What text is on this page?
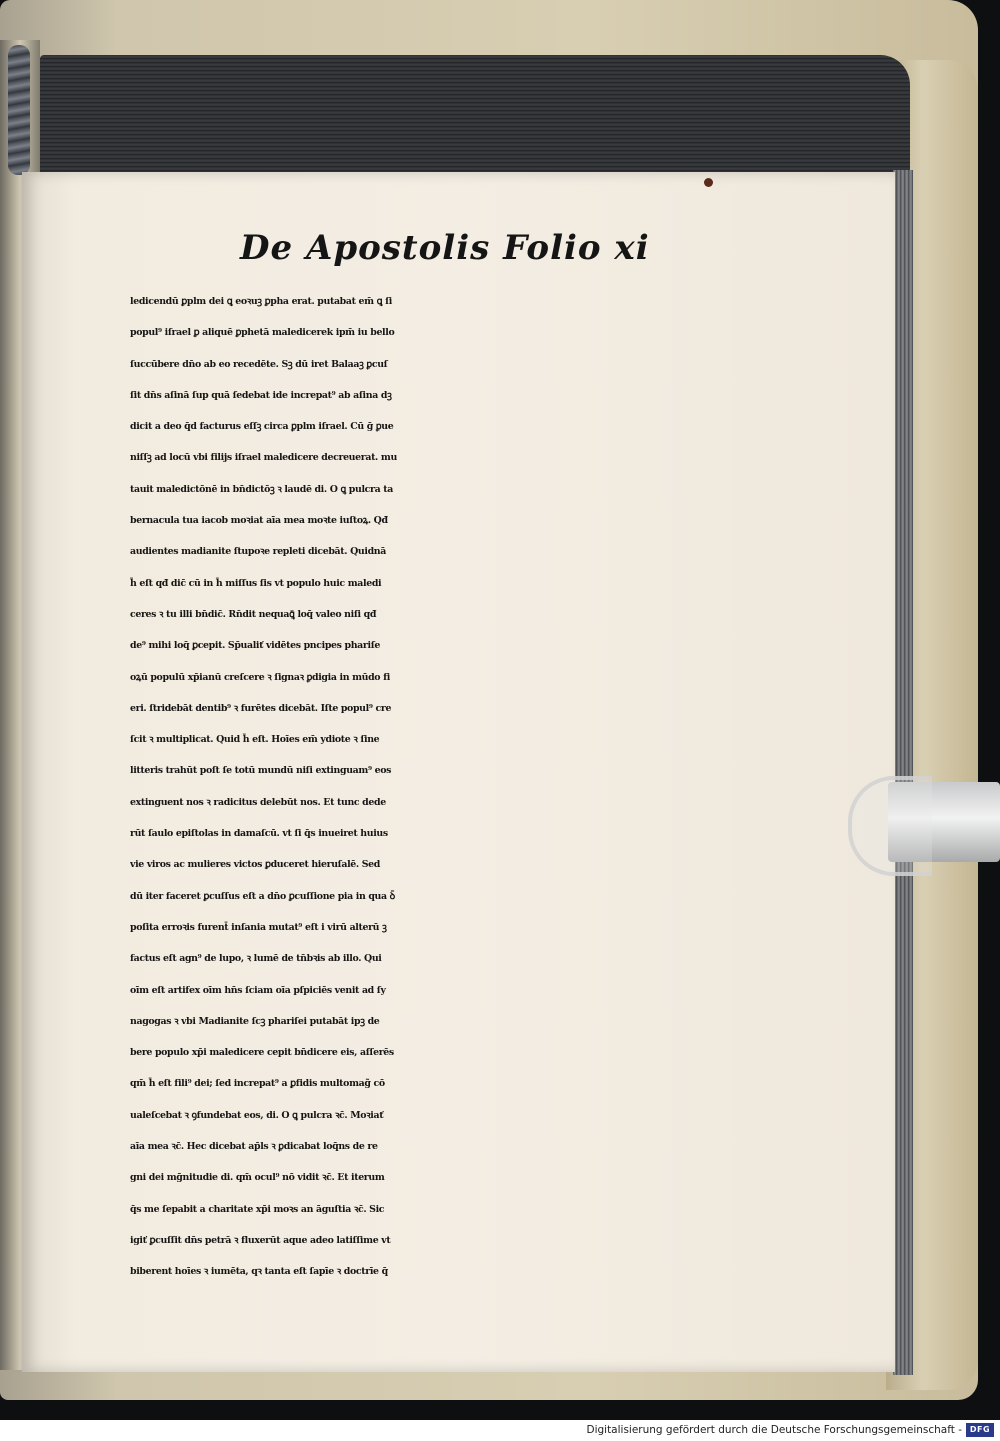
De Apostolis Folio xi
ledicendū ꝑplm dei ꝗ eoꝛuꝫ ꝑpha erat. putabat em̄ ꝗ ſi
popul⁹ iſrael ꝑ aliquē ꝑphetā maledicerek ipm̄ iu bello
ſuccūbere dn̄o ab eo recedēte. Sꝫ dū iret Balaaꝫ ꝑcuſ
ſit dn̄s aſinā ſup quā ſedebat ide increpat⁹ ab aſina dꝫ
dicit a deo q̄d facturus eſſꝫ circa ꝑplm iſrael. Cū ḡ ꝑue
niſſꝫ ad locū vbi filijs iſrael maledicere decreuerat. mu
tauit maledictōnē in bn̄dictōꝫ ꝛ laudē di. O ꝗ pulcra ta
bernacula tua iacob moꝛiat aīa mea moꝛte iuſtoꝝ. Qđ
audientes madianite ſtupoꝛe repleti dicebāt. Quidnā
h̄ eſt qđ dic̄ cū in h̄ miſſus ſis vt populo huic maledi
ceres ꝛ tu illi bn̄dic̄. Rn̄dit nequaꝗ̄ loq̄ valeo niſi qđ
de⁹ mihi loq̄ ꝑcepit. Sp̄ualiť vidētes pncipes phariſe
oꝝū populū xp̄ianū creſcere ꝛ ſignaꝛ ꝑdigia in mūdo fi
eri. ſtridebāt dentib⁹ ꝛ furētes dicebāt. Iſte popul⁹ cre
ſcit ꝛ multiplicat. Quid h̄ eſt. Hoīes em̄ ydiote ꝛ ſine
litteris trahūt poſt ſe totū mundū niſi extinguam⁹ eos
extinguent nos ꝛ radicitus delebūt nos. Et tunc dede
rūt ſaulo epiſtolas in damaſcū. vt ſi q̄s inueiret huius
vie viros ac mulieres victos ꝑduceret hieruſalē. Sed
dū iter faceret ꝑcuſſus eſt a dn̄o ꝑcuſſione pia in qua ꝺ̄
poſita erroꝛis furent̄ inſania mutat⁹ eſt i virū alterū ꝫ
factus eſt agn⁹ de lupo, ꝛ lumē de tn̄bꝛis ab illo. Qui
oīm eſt artifex oīm hn̄s ſciam oīa pſpiciēs venit ad ſy
nagogas ꝛ vbi Madianite ſcꝫ phariſei putabāt ipꝫ de
bere populo xp̄i maledicere cepit bn̄dicere eis, aſſerēs
qm̄ h̄ eſt fili⁹ dei; ſed increpat⁹ a ꝑfidis multomag̃ cō
ualeſcebat ꝛ ꝯfundebat eos, di. O ꝗ pulcra ꝛc̄. Moꝛiať
aīa mea ꝛc̄. Hec dicebat ap̄ls ꝛ ꝑdicabat loq̄ns de re
gni dei mḡnitudie di. qm̄ ocul⁹ nō vidit ꝛc̄. Et iterum
q̄s me ſepabit a charitate xp̄i moꝛs an āguſtia ꝛc̄. Sic
igiť ꝑcuſſit dn̄s petrā ꝛ fluxerūt aque adeo latiſſime vt
biberent hoīes ꝛ iumēta, qꝛ tanta eſt ſapīe ꝛ doctrīe q̄
Digitalisierung gefördert durch die Deutsche Forschungsgemeinschaft - DFG
